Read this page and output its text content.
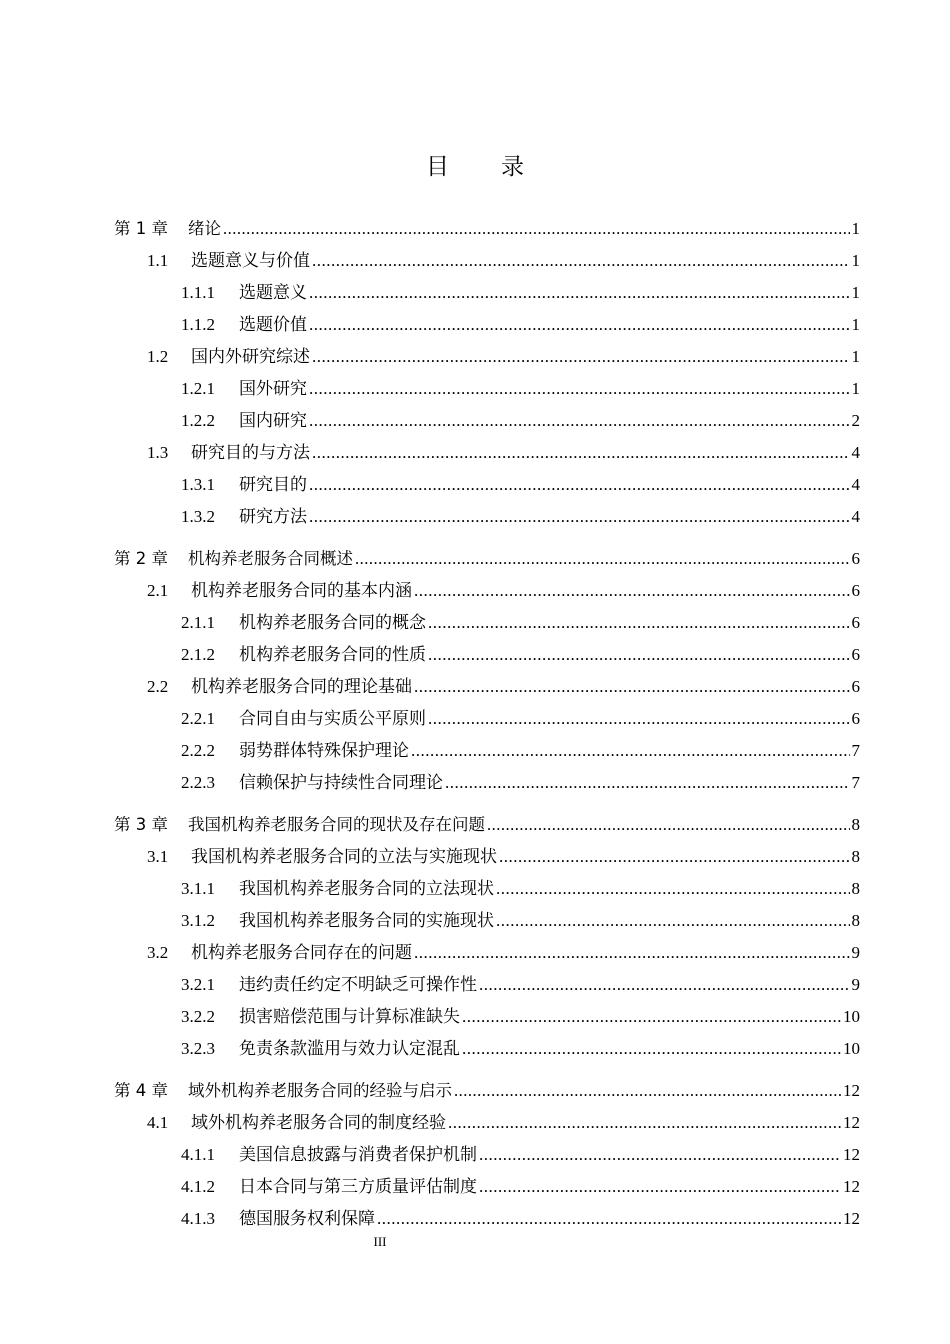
目 录
第 1 章	绪论 .....	1
1.1	选题意义与价值 .....	1
1.1.1	选题意义 .....	1
1.1.2	选题价值 .....	1
1.2	国内外研究综述 .....	1
1.2.1	国外研究 .....	1
1.2.2	国内研究 .....	2
1.3	研究目的与方法 .....	4
1.3.1	研究目的 .....	4
1.3.2	研究方法 .....	4
第 2 章	机构养老服务合同概述 .....	6
2.1	机构养老服务合同的基本内涵 .....	6
2.1.1	机构养老服务合同的概念 .....	6
2.1.2	机构养老服务合同的性质 .....	6
2.2	机构养老服务合同的理论基础 .....	6
2.2.1	合同自由与实质公平原则 .....	6
2.2.2	弱势群体特殊保护理论 .....	7
2.2.3	信赖保护与持续性合同理论 .....	7
第 3 章	我国机构养老服务合同的现状及存在问题 .....	8
3.1	我国机构养老服务合同的立法与实施现状 .....	8
3.1.1	我国机构养老服务合同的立法现状 .....	8
3.1.2	我国机构养老服务合同的实施现状 .....	8
3.2	机构养老服务合同存在的问题 .....	9
3.2.1	违约责任约定不明缺乏可操作性 .....	9
3.2.2	损害赔偿范围与计算标准缺失 .....	10
3.2.3	免责条款滥用与效力认定混乱 .....	10
第 4 章	域外机构养老服务合同的经验与启示 .....	12
4.1	域外机构养老服务合同的制度经验 .....	12
4.1.1	美国信息披露与消费者保护机制 .....	12
4.1.2	日本合同与第三方质量评估制度 .....	12
4.1.3	德国服务权利保障 .....	12
III
